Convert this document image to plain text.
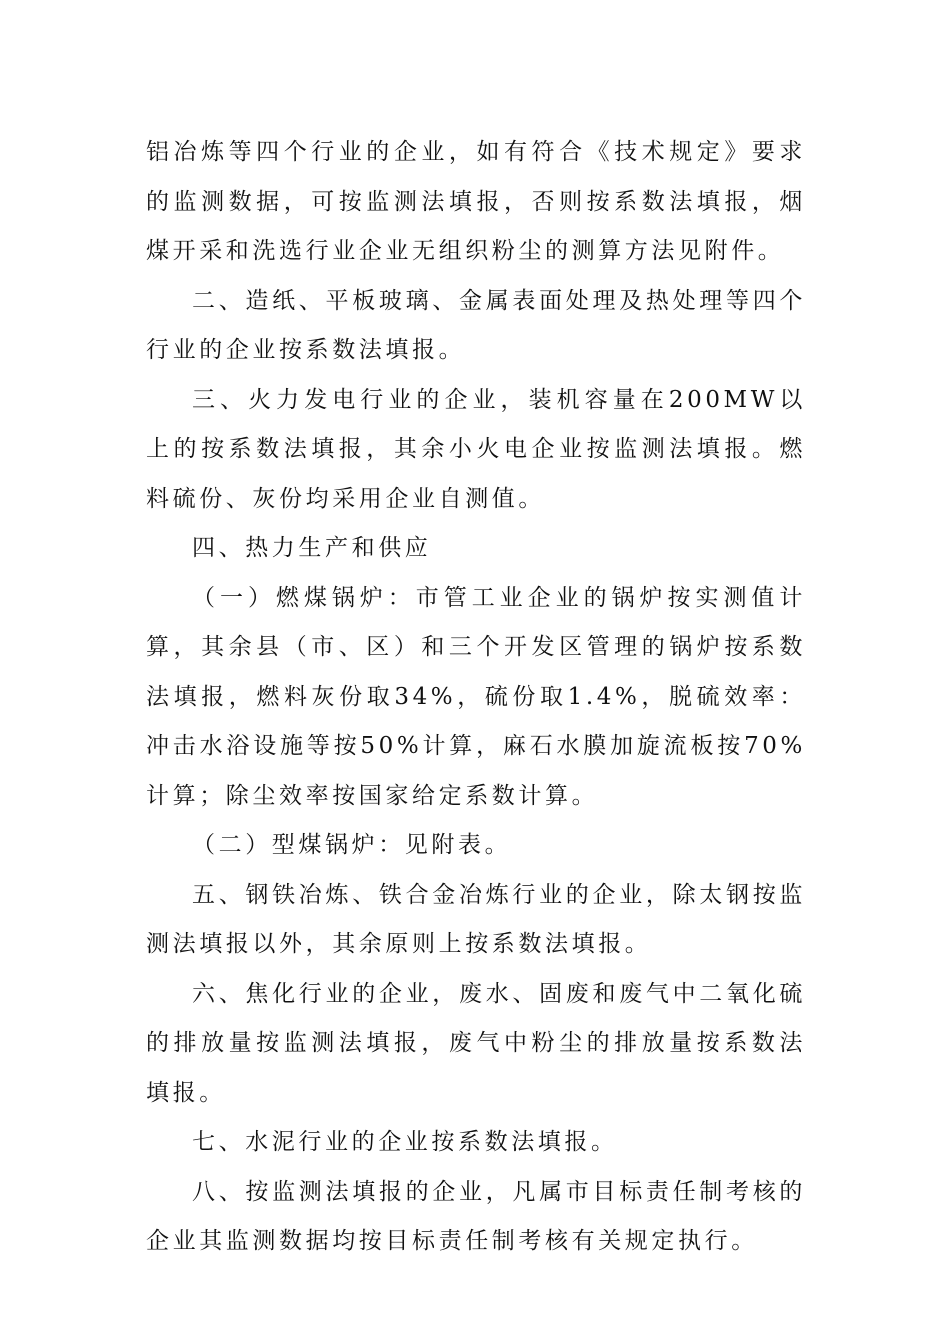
铝冶炼等四个行业的企业，如有符合《技术规定》要求的监测数据，可按监测法填报，否则按系数法填报，烟煤开采和洗选行业企业无组织粉尘的测算方法见附件。

二、造纸、平板玻璃、金属表面处理及热处理等四个行业的企业按系数法填报。

三、火力发电行业的企业，装机容量在200MW以上的按系数法填报，其余小火电企业按监测法填报。燃料硫份、灰份均采用企业自测值。

四、热力生产和供应

（一）燃煤锅炉：市管工业企业的锅炉按实测值计算，其余县（市、区）和三个开发区管理的锅炉按系数法填报，燃料灰份取34%，硫份取1.4%，脱硫效率：冲击水浴设施等按50%计算，麻石水膜加旋流板按70%计算；除尘效率按国家给定系数计算。

（二）型煤锅炉：见附表。

五、钢铁冶炼、铁合金冶炼行业的企业，除太钢按监测法填报以外，其余原则上按系数法填报。

六、焦化行业的企业，废水、固废和废气中二氧化硫的排放量按监测法填报，废气中粉尘的排放量按系数法填报。

七、水泥行业的企业按系数法填报。

八、按监测法填报的企业，凡属市目标责任制考核的企业其监测数据均按目标责任制考核有关规定执行。
